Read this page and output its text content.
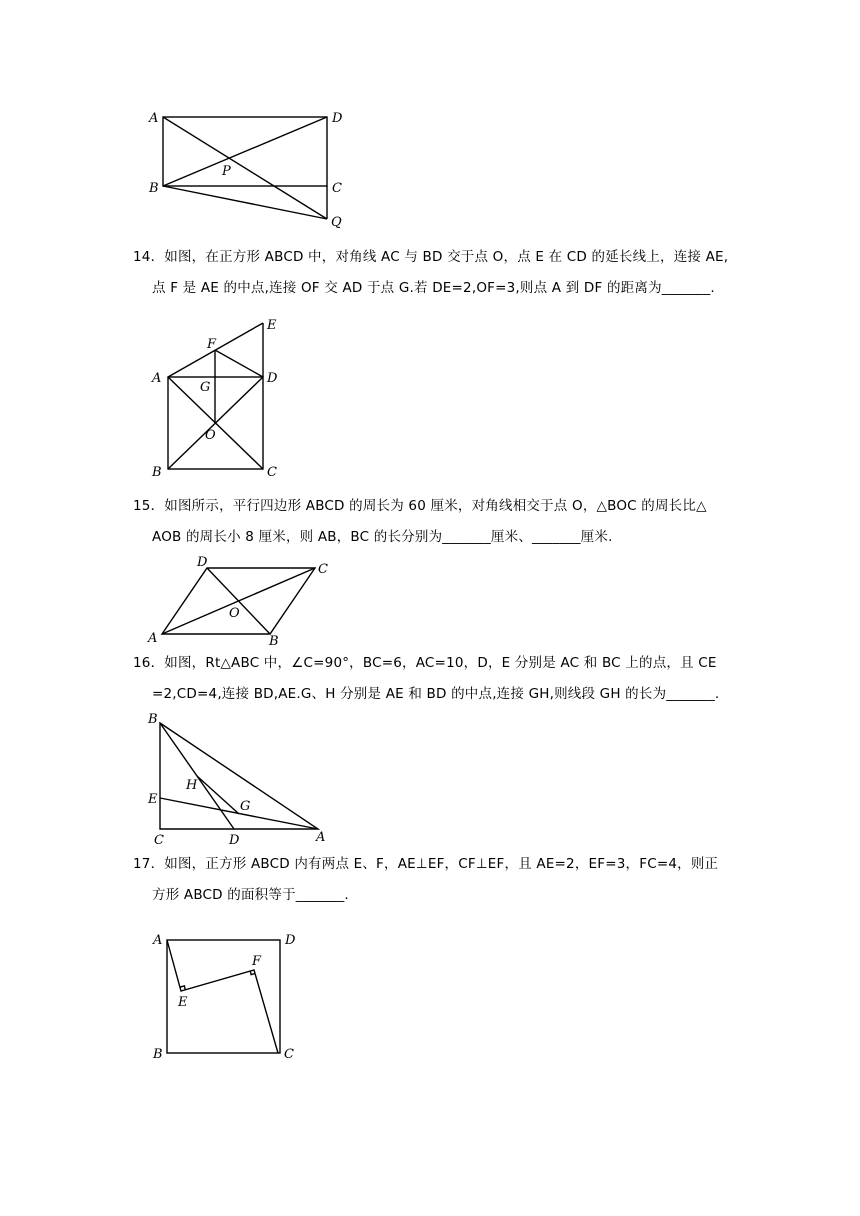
A	D
P
B	C
Q
14．如图，在正方形 ABCD 中，对角线 AC 与 BD 交于点 O，点 E 在 CD 的延长线上，连接 AE,
点 F 是 AE 的中点,连接 OF 交 AD 于点 G.若 DE=2,OF=3,则点 A 到 DF 的距离为_______.
E
F
A
G
D
O
B	C
15．如图所示，平行四边形 ABCD 的周长为 60 厘米，对角线相交于点 O，△BOC 的周长比△
AOB 的周长小 8 厘米，则 AB，BC 的长分别为_______厘米、_______厘米.
D	C
O
A	B
16．如图，Rt△ABC 中，∠C=90°，BC=6，AC=10，D，E 分别是 AC 和 BC 上的点，且 CE
=2,CD=4,连接 BD,AE.G、H 分别是 AE 和 BD 的中点,连接 GH,则线段 GH 的长为_______.
B
H
E	G
C	D	A
17．如图，正方形 ABCD 内有两点 E、F，AE⊥EF，CF⊥EF，且 AE=2，EF=3，FC=4，则正
方形 ABCD 的面积等于_______.
A	D
F
E
B	C
